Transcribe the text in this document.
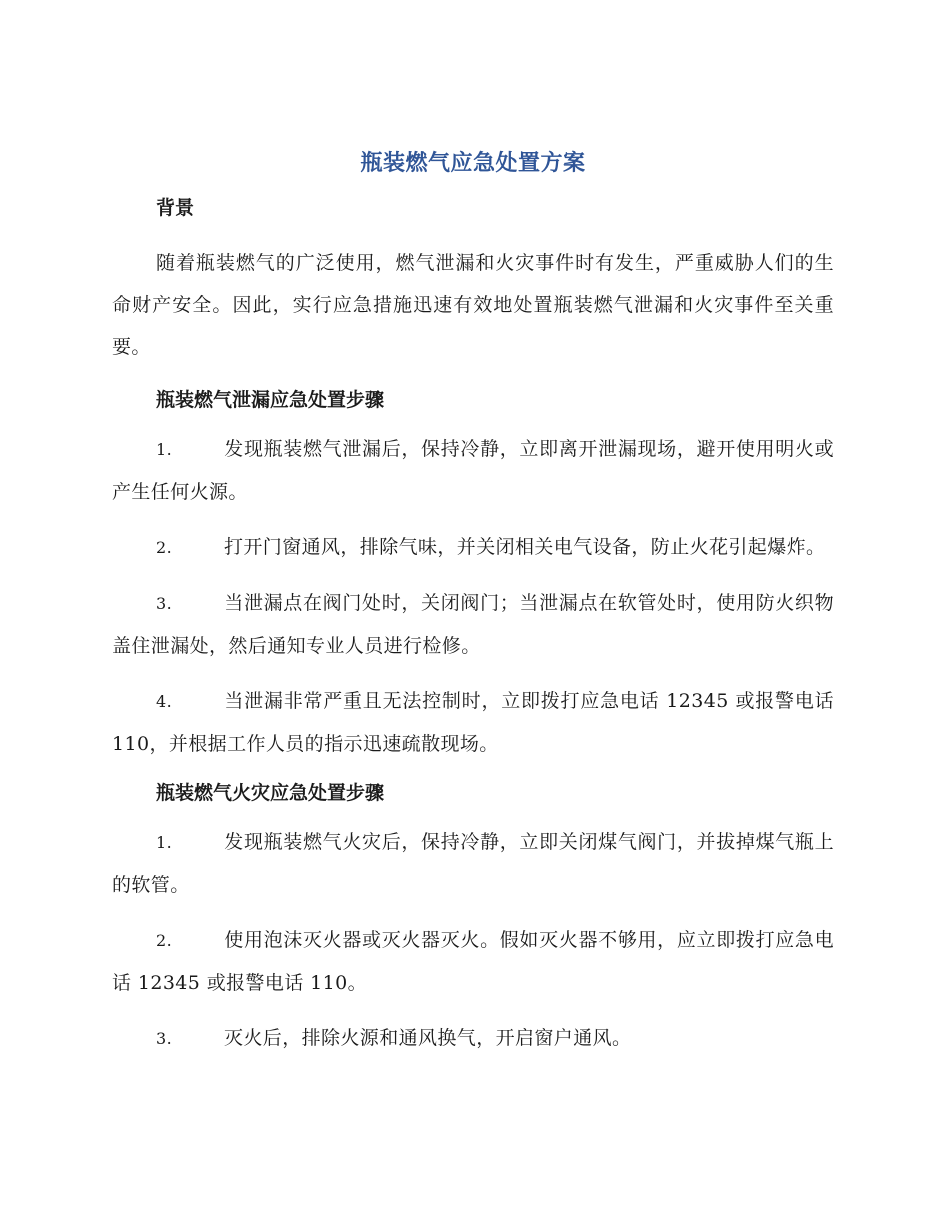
瓶装燃气应急处置方案
背景

随着瓶装燃气的广泛使用，燃气泄漏和火灾事件时有发生，严重威胁人们的生命财产安全。因此，实行应急措施迅速有效地处置瓶装燃气泄漏和火灾事件至关重要。

瓶装燃气泄漏应急处置步骤
1.	发现瓶装燃气泄漏后，保持冷静，立即离开泄漏现场，避开使用明火或产生任何火源。
2.	打开门窗通风，排除气味，并关闭相关电气设备，防止火花引起爆炸。
3.	当泄漏点在阀门处时，关闭阀门；当泄漏点在软管处时，使用防火织物盖住泄漏处，然后通知专业人员进行检修。
4.	当泄漏非常严重且无法控制时，立即拨打应急电话 12345 或报警电话 110，并根据工作人员的指示迅速疏散现场。
瓶装燃气火灾应急处置步骤
1.	发现瓶装燃气火灾后，保持冷静，立即关闭煤气阀门，并拔掉煤气瓶上的软管。
2.	使用泡沫灭火器或灭火器灭火。假如灭火器不够用，应立即拨打应急电话 12345 或报警电话 110。
3.	灭火后，排除火源和通风换气，开启窗户通风。
